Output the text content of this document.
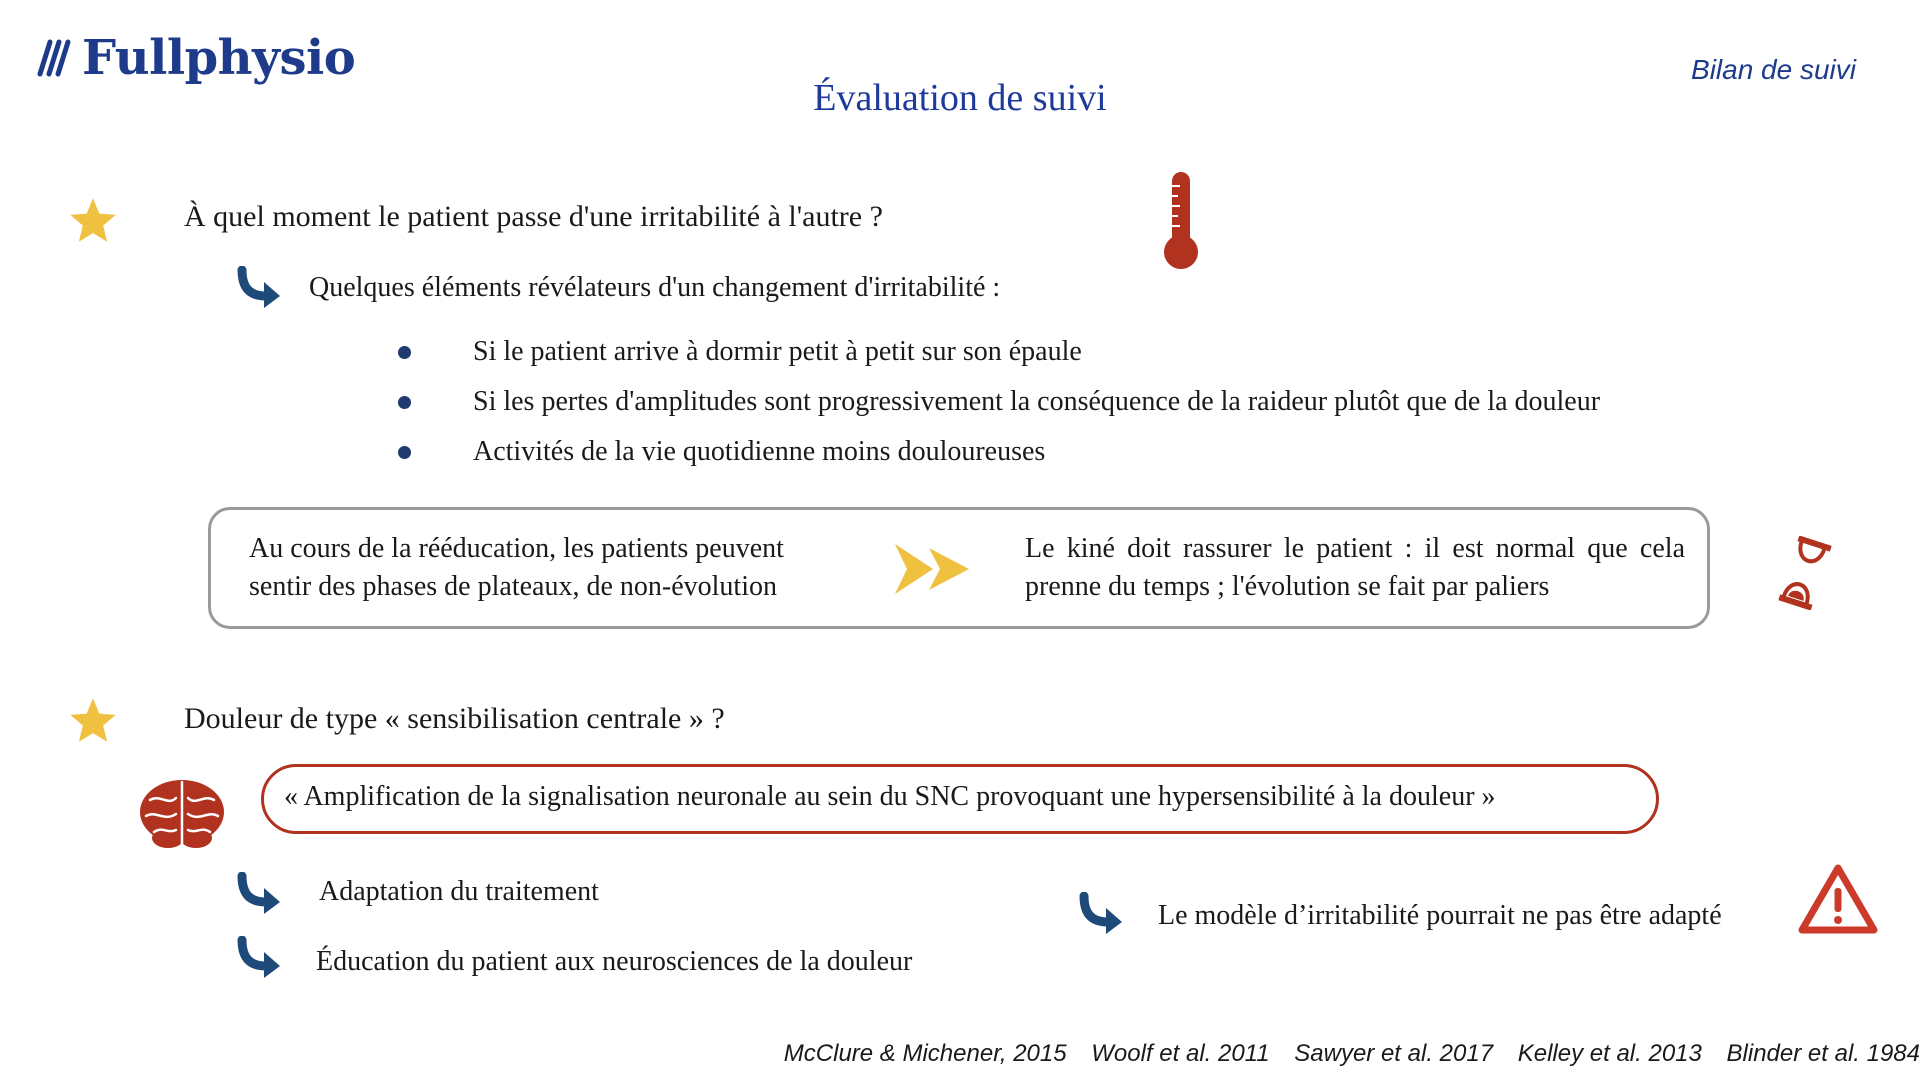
Fullphysio	Bilan de suivi
Évaluation de suivi
À quel moment le patient passe d'une irritabilité à l'autre ?
Quelques éléments révélateurs d'un changement d'irritabilité :
Si le patient arrive à dormir petit à petit sur son épaule
Si les pertes d'amplitudes sont progressivement la conséquence de la raideur plutôt que de la douleur
Activités de la vie quotidienne moins douloureuses
Au cours de la rééducation, les patients peuvent sentir des phases de plateaux, de non-évolution
Le kiné doit rassurer le patient : il est normal que cela prenne du temps ; l'évolution se fait par paliers
Douleur de type « sensibilisation centrale » ?
« Amplification de la signalisation neuronale au sein du SNC provoquant une hypersensibilité à la douleur »
Adaptation du traitement
Éducation du patient aux neurosciences de la douleur
Le modèle d’irritabilité pourrait ne pas être adapté
McClure & Michener, 2015 Woolf et al. 2011 Sawyer et al. 2017 Kelley et al. 2013 Blinder et al. 1984
